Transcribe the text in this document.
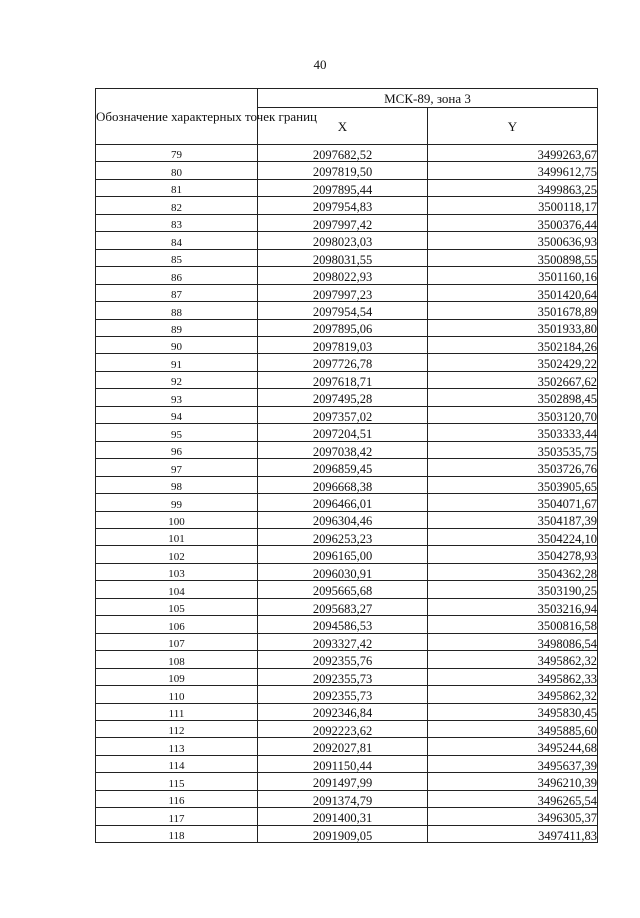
40
Обозначение характерных точек границ	МСК-89, зона 3	
	X	Y
79	2097682,52	3499263,67
80	2097819,50	3499612,75
81	2097895,44	3499863,25
82	2097954,83	3500118,17
83	2097997,42	3500376,44
84	2098023,03	3500636,93
85	2098031,55	3500898,55
86	2098022,93	3501160,16
87	2097997,23	3501420,64
88	2097954,54	3501678,89
89	2097895,06	3501933,80
90	2097819,03	3502184,26
91	2097726,78	3502429,22
92	2097618,71	3502667,62
93	2097495,28	3502898,45
94	2097357,02	3503120,70
95	2097204,51	3503333,44
96	2097038,42	3503535,75
97	2096859,45	3503726,76
98	2096668,38	3503905,65
99	2096466,01	3504071,67
100	2096304,46	3504187,39
101	2096253,23	3504224,10
102	2096165,00	3504278,93
103	2096030,91	3504362,28
104	2095665,68	3503190,25
105	2095683,27	3503216,94
106	2094586,53	3500816,58
107	2093327,42	3498086,54
108	2092355,76	3495862,32
109	2092355,73	3495862,33
110	2092355,73	3495862,32
111	2092346,84	3495830,45
112	2092223,62	3495885,60
113	2092027,81	3495244,68
114	2091150,44	3495637,39
115	2091497,99	3496210,39
116	2091374,79	3496265,54
117	2091400,31	3496305,37
118	2091909,05	3497411,83
